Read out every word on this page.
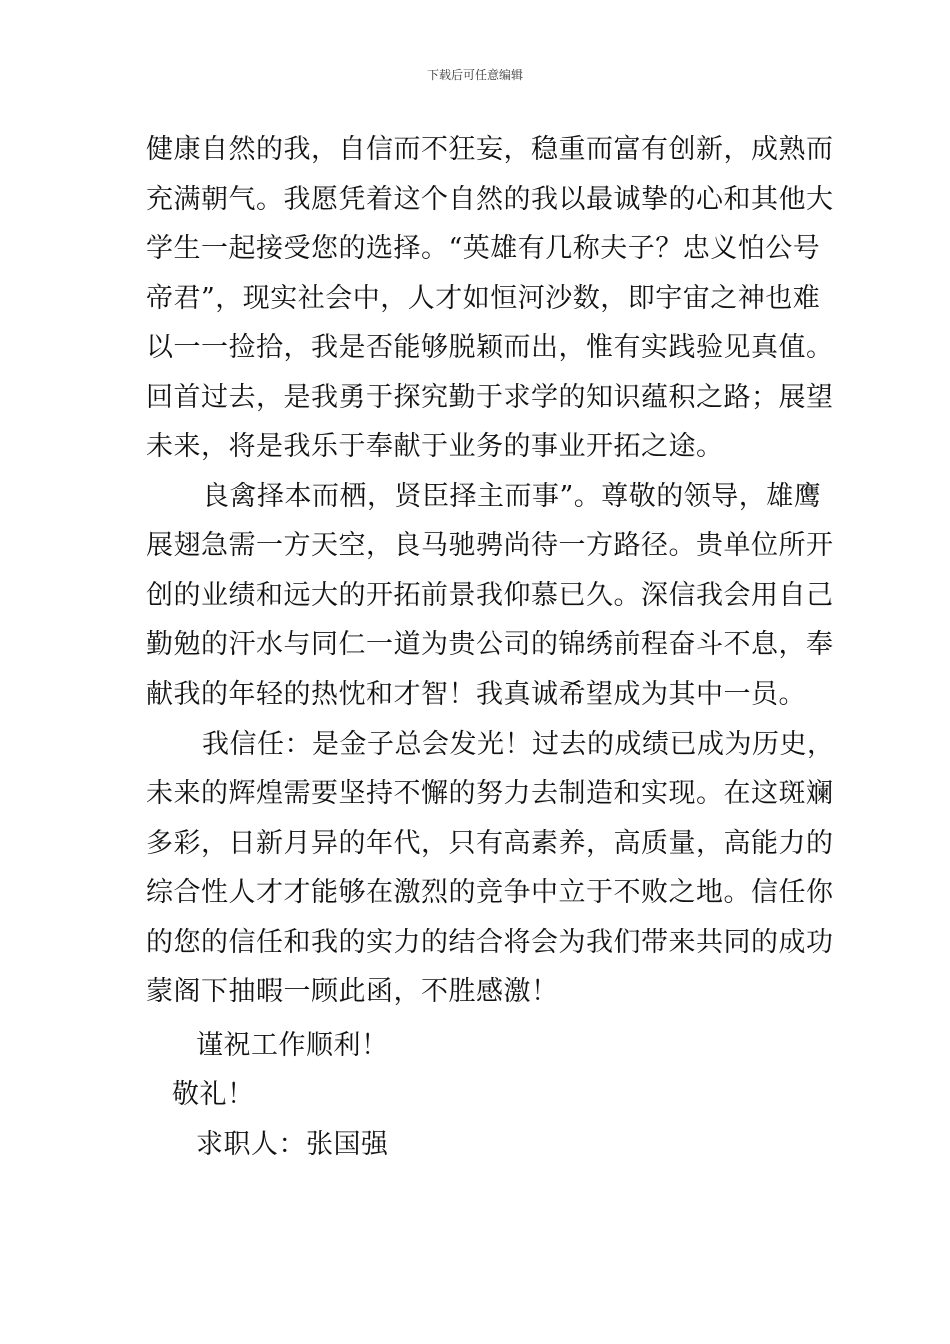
下载后可任意编辑
健康自然的我，自信而不狂妄，稳重而富有创新，成熟而
充满朝气。我愿凭着这个自然的我以最诚挚的心和其他大
学生一起接受您的选择。“英雄有几称夫子？忠义怕公号
帝君”，现实社会中，人才如恒河沙数，即宇宙之神也难
以一一捡拾，我是否能够脱颖而出，惟有实践验见真值。
回首过去，是我勇于探究勤于求学的知识蕴积之路；展望
未来，将是我乐于奉献于业务的事业开拓之途。
良禽择本而栖，贤臣择主而事”。尊敬的领导，雄鹰
展翅急需一方天空，良马驰骋尚待一方路径。贵单位所开
创的业绩和远大的开拓前景我仰慕已久。深信我会用自己
勤勉的汗水与同仁一道为贵公司的锦绣前程奋斗不息，奉
献我的年轻的热忱和才智！我真诚希望成为其中一员。
我信任：是金子总会发光！过去的成绩已成为历史，
未来的辉煌需要坚持不懈的努力去制造和实现。在这斑斓
多彩，日新月异的年代，只有高素养，高质量，高能力的
综合性人才才能够在激烈的竞争中立于不败之地。信任你
的您的信任和我的实力的结合将会为我们带来共同的成功
蒙阁下抽暇一顾此函，不胜感激！
谨祝工作顺利！
敬礼！
求职人：张国强
